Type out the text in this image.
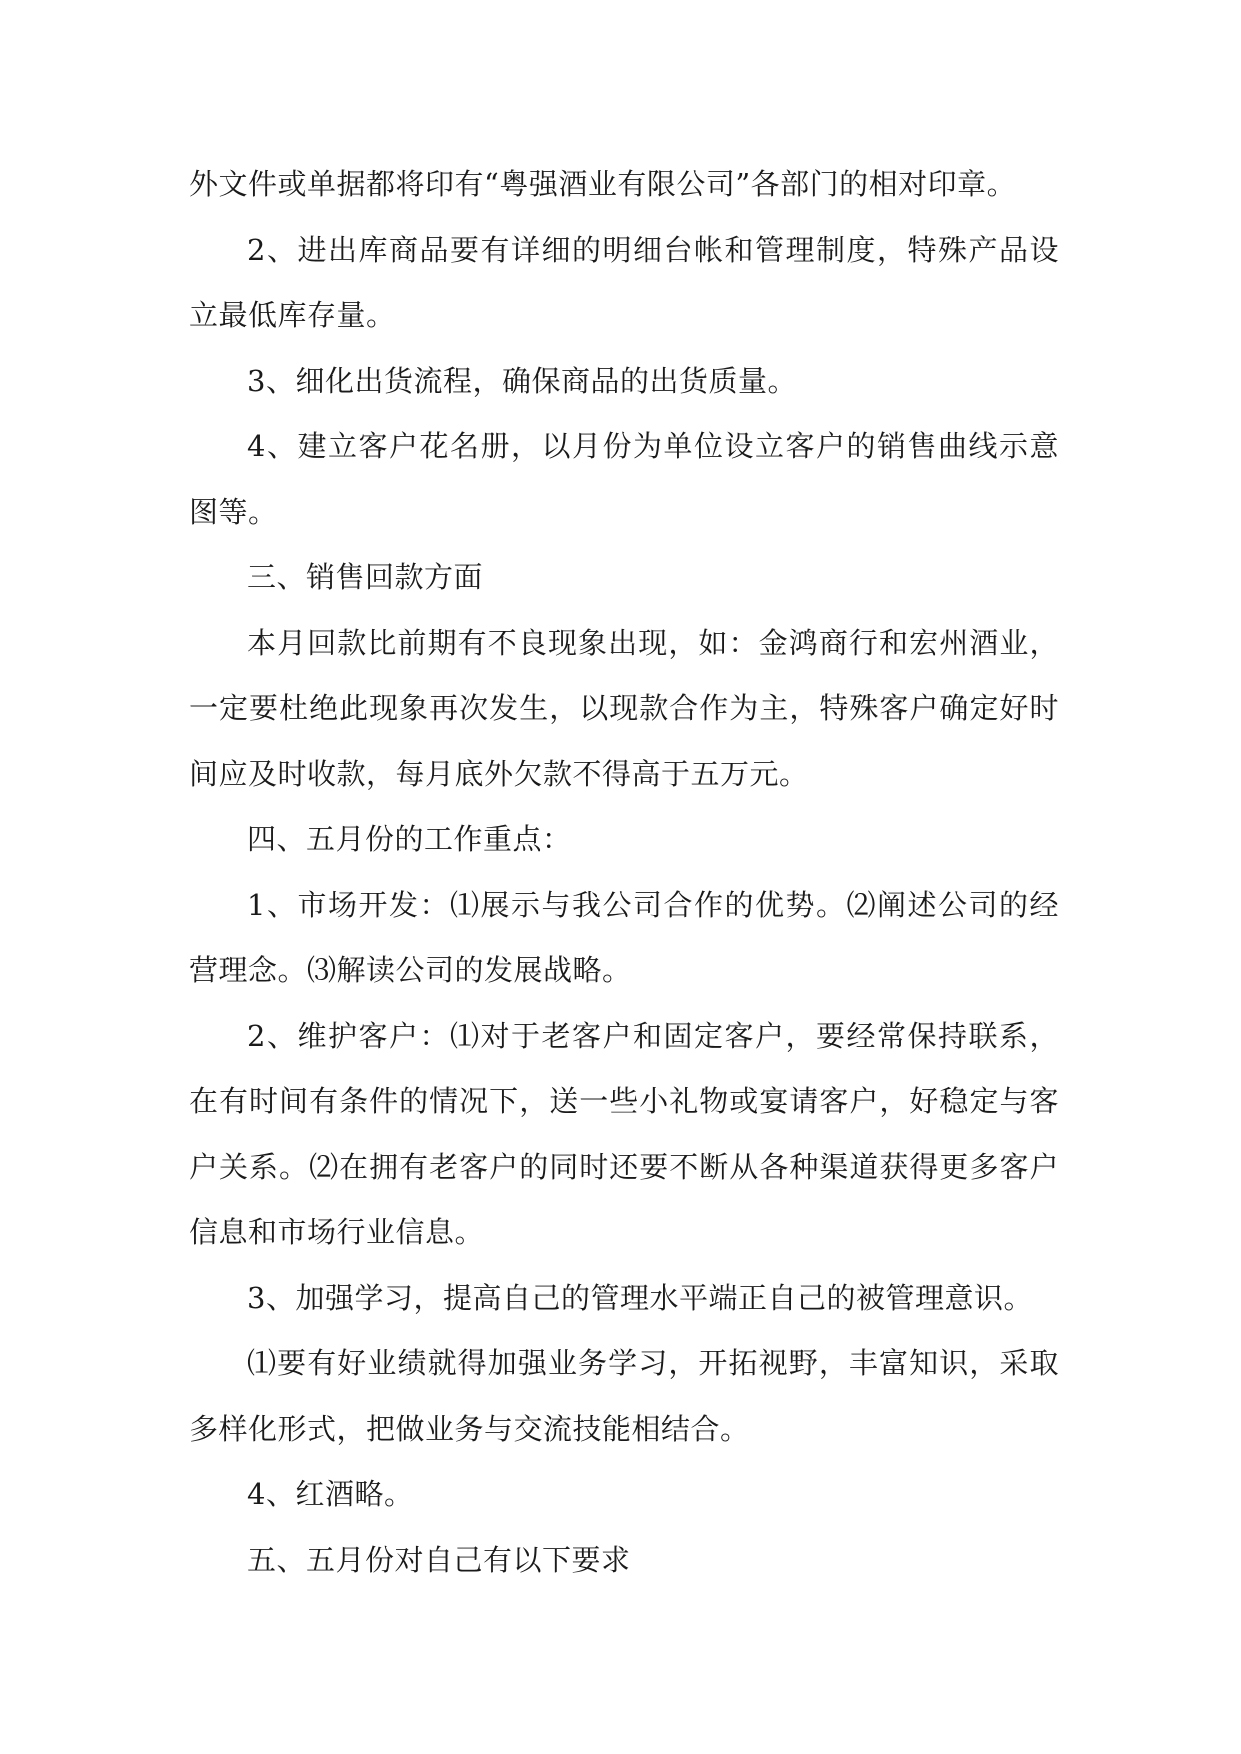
外文件或单据都将印有“粤强酒业有限公司”各部门的相对印章。

2、进出库商品要有详细的明细台帐和管理制度，特殊产品设立最低库存量。

3、细化出货流程，确保商品的出货质量。

4、建立客户花名册，以月份为单位设立客户的销售曲线示意图等。

三、销售回款方面

本月回款比前期有不良现象出现，如：金鸿商行和宏州酒业，一定要杜绝此现象再次发生，以现款合作为主，特殊客户确定好时间应及时收款，每月底外欠款不得高于五万元。

四、五月份的工作重点：

1、市场开发：⑴展示与我公司合作的优势。⑵阐述公司的经营理念。⑶解读公司的发展战略。

2、维护客户：⑴对于老客户和固定客户，要经常保持联系，在有时间有条件的情况下，送一些小礼物或宴请客户，好稳定与客户关系。⑵在拥有老客户的同时还要不断从各种渠道获得更多客户信息和市场行业信息。

3、加强学习，提高自己的管理水平端正自己的被管理意识。

⑴要有好业绩就得加强业务学习，开拓视野，丰富知识，采取多样化形式，把做业务与交流技能相结合。

4、红酒略。

五、五月份对自己有以下要求
